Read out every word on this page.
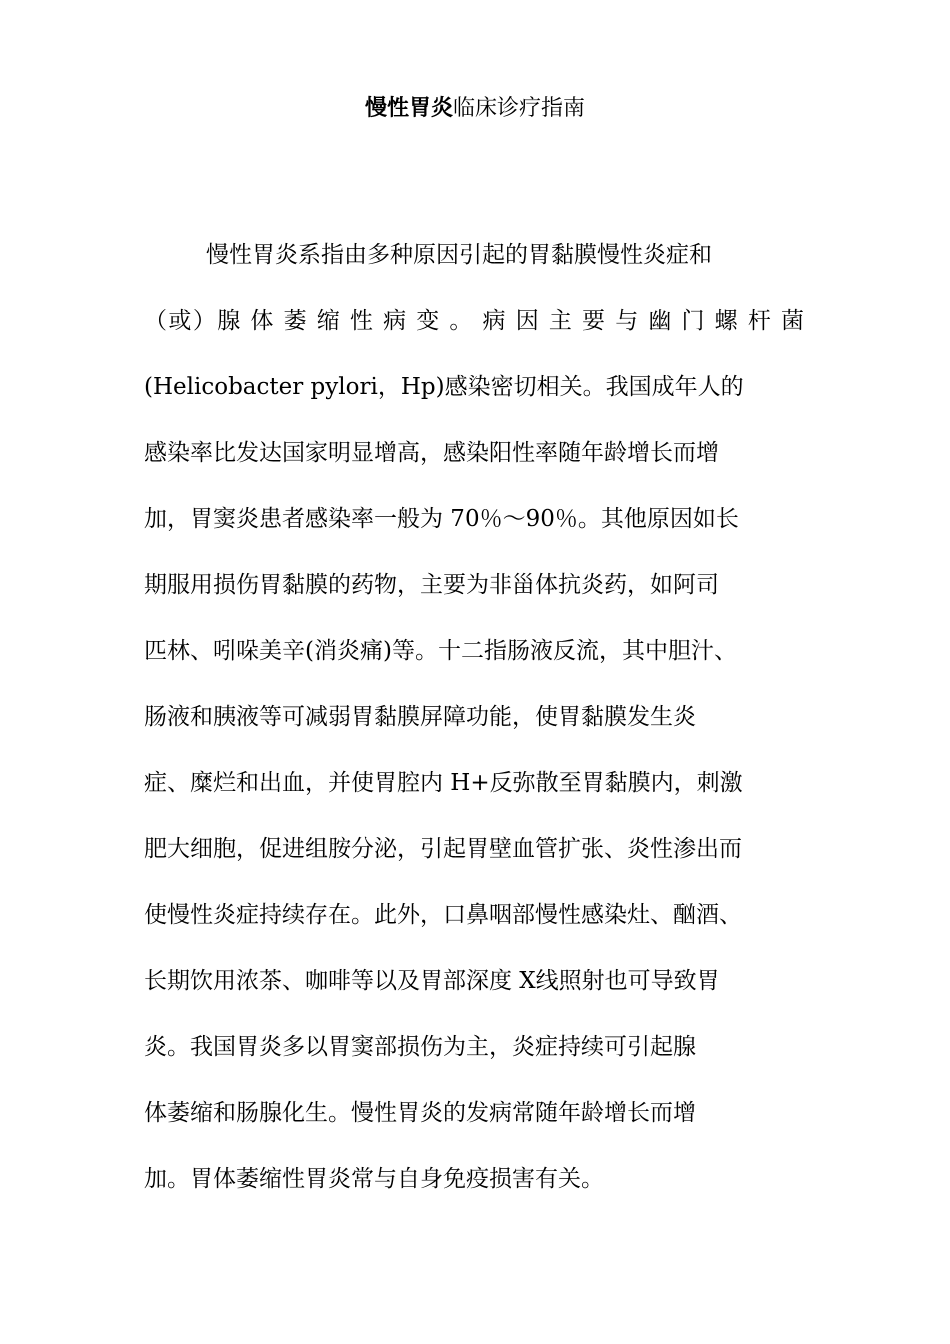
慢性胃炎临床诊疗指南
慢性胃炎系指由多种原因引起的胃黏膜慢性炎症和
（或）腺 体 萎 缩 性 病 变 。 病 因 主 要 与 幽 门 螺 杆 菌
(Helicobacter pylori，Hp)感染密切相关。我国成年人的
感染率比发达国家明显增高，感染阳性率随年龄增长而增
加，胃窦炎患者感染率一般为 70％～90％。其他原因如长
期服用损伤胃黏膜的药物，主要为非甾体抗炎药，如阿司
匹林、吲哚美辛(消炎痛)等。十二指肠液反流，其中胆汁、
肠液和胰液等可减弱胃黏膜屏障功能，使胃黏膜发生炎
症、糜烂和出血，并使胃腔内 H+反弥散至胃黏膜内，刺激
肥大细胞，促进组胺分泌，引起胃壁血管扩张、炎性渗出而
使慢性炎症持续存在。此外，口鼻咽部慢性感染灶、酗酒、
长期饮用浓茶、咖啡等以及胃部深度 X线照射也可导致胃
炎。我国胃炎多以胃窦部损伤为主，炎症持续可引起腺
体萎缩和肠腺化生。慢性胃炎的发病常随年龄增长而增
加。胃体萎缩性胃炎常与自身免疫损害有关。
